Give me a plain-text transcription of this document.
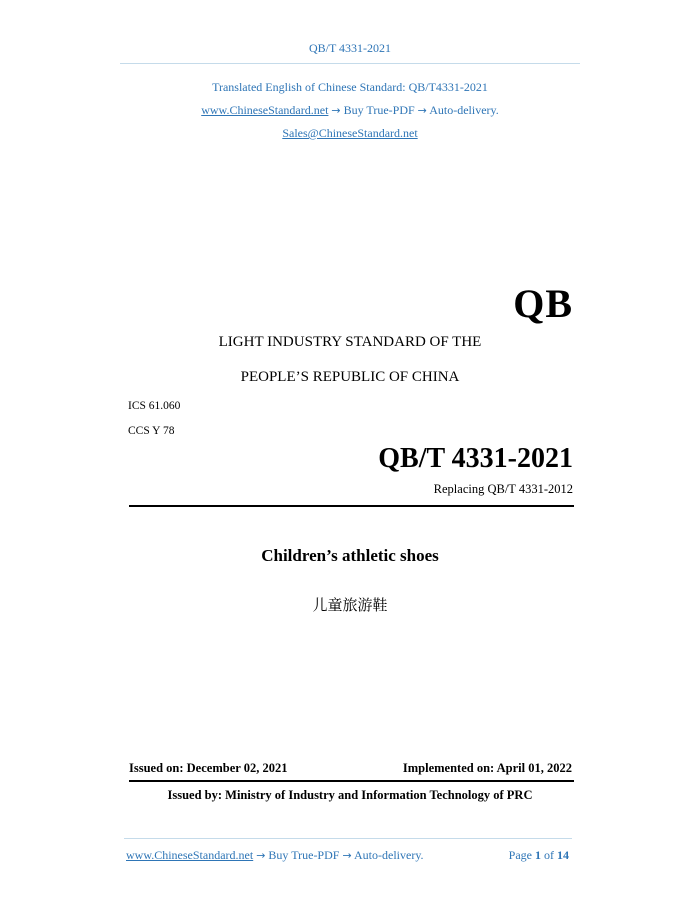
QB/T 4331-2021
Translated English of Chinese Standard: QB/T4331-2021
www.ChineseStandard.net → Buy True-PDF → Auto-delivery.
Sales@ChineseStandard.net
QB
LIGHT INDUSTRY STANDARD OF THE
PEOPLE’S REPUBLIC OF CHINA
ICS 61.060
CCS Y 78
QB/T 4331-2021
Replacing QB/T 4331-2012
Children’s athletic shoes
儿童旅游鞋
Issued on: December 02, 2021	Implemented on: April 01, 2022
Issued by: Ministry of Industry and Information Technology of PRC
www.ChineseStandard.net → Buy True-PDF → Auto-delivery.	Page 1 of 14
